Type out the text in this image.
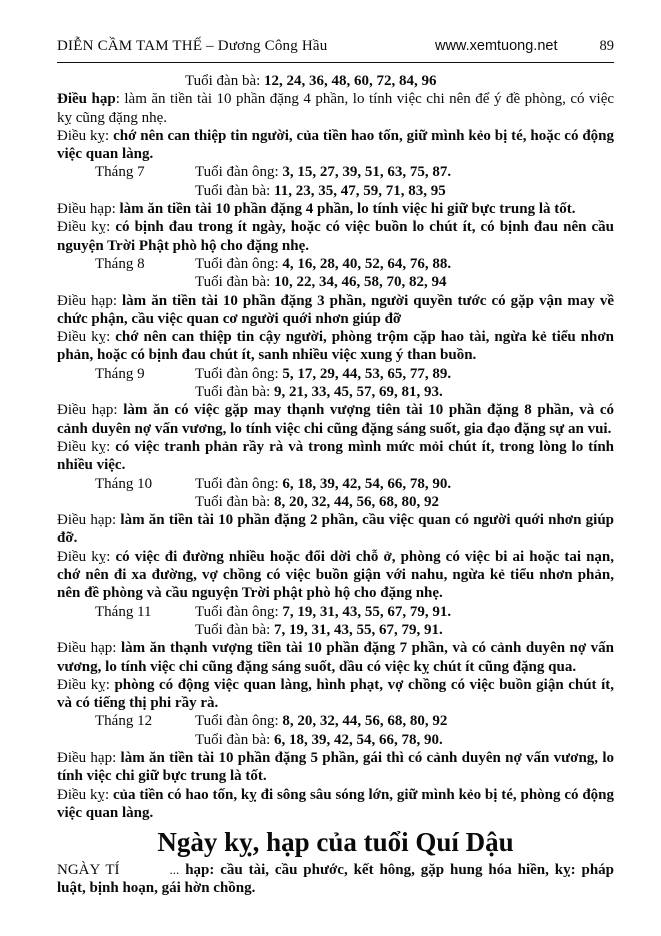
DIỄN CẦM TAM THẾ – Dương Công Hầu	www.xemtuong.net	89
Tuổi đàn bà: 12, 24, 36, 48, 60, 72, 84, 96

Điều hạp: làm ăn tiền tài 10 phần đặng 4 phần, lo tính việc chi nên để ý đề phòng, có việc kỵ cũng đặng nhẹ.

Điều kỵ: chớ nên can thiệp tin người, của tiền hao tốn, giữ mình kẻo bị té, hoặc có động việc quan làng.

Tháng 7	Tuổi đàn ông: 3, 15, 27, 39, 51, 63, 75, 87.
Tuổi đàn bà: 11, 23, 35, 47, 59, 71, 83, 95

Điều hạp: làm ăn tiền tài 10 phần đặng 4 phần, lo tính việc hi giữ bực trung là tốt.

Điều kỵ: có bịnh đau trong ít ngày, hoặc có việc buồn lo chút ít, có bịnh đau nên cầu nguyện Trời Phật phò hộ cho đặng nhẹ.

Tháng 8	Tuổi đàn ông: 4, 16, 28, 40, 52, 64, 76, 88.
Tuổi đàn bà: 10, 22, 34, 46, 58, 70, 82, 94

Điều hạp: làm ăn tiền tài 10 phần đặng 3 phần, người quyền tước có gặp vận may về chức phận, cầu việc quan cơ người quới nhơn giúp đỡ

Điều kỵ: chớ nên can thiệp tin cậy người, phòng trộm cặp hao tài, ngừa kẻ tiểu nhơn phản, hoặc có bịnh đau chút ít, sanh nhiều việc xung ý than buồn.

Tháng 9	Tuổi đàn ông: 5, 17, 29, 44, 53, 65, 77, 89.
Tuổi đàn bà: 9, 21, 33, 45, 57, 69, 81, 93.

Điều hạp: làm ăn có việc gặp may thạnh vượng tiên tài 10 phần đặng 8 phần, và có cảnh duyên nợ vấn vương, lo tính việc chi cũng đặng sáng suốt, gia đạo đặng sự an vui.

Điều kỵ: có việc tranh phản rầy rà và trong mình mức mỏi chút ít, trong lòng lo tính nhiều việc.

Tháng 10	Tuổi đàn ông: 6, 18, 39, 42, 54, 66, 78, 90.
Tuổi đàn bà: 8, 20, 32, 44, 56, 68, 80, 92

Điều hạp: làm ăn tiền tài 10 phần đặng 2 phần, cầu việc quan có người quới nhơn giúp đỡ.

Điều kỵ: có việc đi đường nhiều hoặc đổi dời chỗ ở, phòng có việc bi ai hoặc tai nạn, chớ nên đi xa đường, vợ chồng có việc buồn giận với nahu, ngừa kẻ tiểu nhơn phản, nên đề phòng và cầu nguyện Trời phật phò hộ cho đặng nhẹ.

Tháng 11	Tuổi đàn ông: 7, 19, 31, 43, 55, 67, 79, 91.
Tuổi đàn bà: 7, 19, 31, 43, 55, 67, 79, 91.

Điều hạp: làm ăn thạnh vượng tiền tài 10 phần đặng 7 phần, và có cảnh duyên nợ vấn vương, lo tính việc chi cũng đặng sáng suốt, dầu có việc kỵ chút ít cũng đặng qua.

Điều kỵ: phòng có động việc quan làng, hình phạt, vợ chồng có việc buồn giận chút ít, và có tiếng thị phi rầy rà.

Tháng 12	Tuổi đàn ông: 8, 20, 32, 44, 56, 68, 80, 92
Tuổi đàn bà: 6, 18, 39, 42, 54, 66, 78, 90.

Điều hạp: làm ăn tiền tài 10 phần đặng 5 phần, gái thì có cảnh duyên nợ vấn vương, lo tính việc chi giữ bực trung là tốt.

Điều kỵ: của tiền có hao tốn, kỵ đi sông sâu sóng lớn, giữ mình kẻo bị té, phòng có động việc quan làng.

Ngày kỵ, hạp của tuổi Quí Dậu

NGÀY TÍ	... hạp: cầu tài, cầu phước, kết hông, gặp hung hóa hiền, kỵ: pháp luật, bịnh hoạn, gái hờn chồng.
